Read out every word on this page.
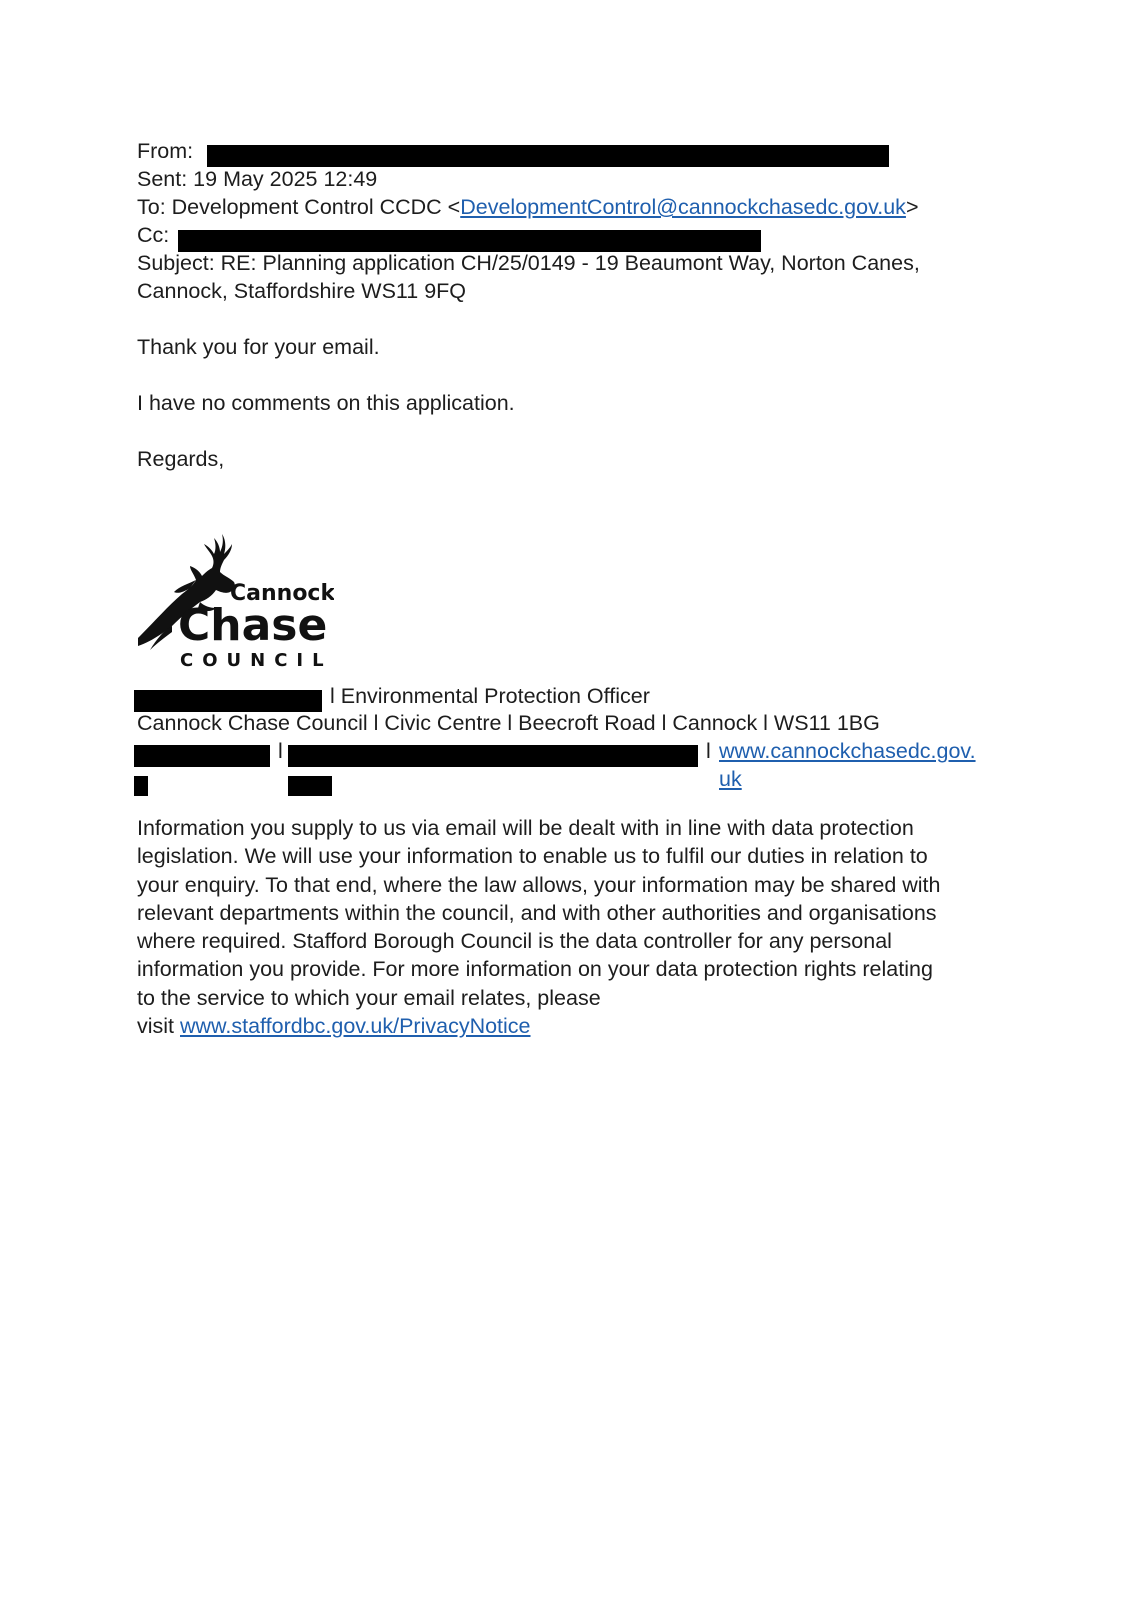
From:
Sent: 19 May 2025 12:49
To: Development Control CCDC <DevelopmentControl@cannockchasedc.gov.uk>
Cc:
Subject: RE: Planning application CH/25/0149 - 19 Beaumont Way, Norton Canes,
Cannock, Staffordshire WS11 9FQ
Thank you for your email.
I have no comments on this application.
Regards,
Cannock
Chase
COUNCIL
l Environmental Protection Officer
Cannock Chase Council l Civic Centre l Beecroft Road l Cannock l WS11 1BG
l	l www.cannockchasedc.gov.
uk
Information you supply to us via email will be dealt with in line with data protection
legislation. We will use your information to enable us to fulfil our duties in relation to
your enquiry. To that end, where the law allows, your information may be shared with
relevant departments within the council, and with other authorities and organisations
where required. Stafford Borough Council is the data controller for any personal
information you provide. For more information on your data protection rights relating
to the service to which your email relates, please
visit www.staffordbc.gov.uk/PrivacyNotice
